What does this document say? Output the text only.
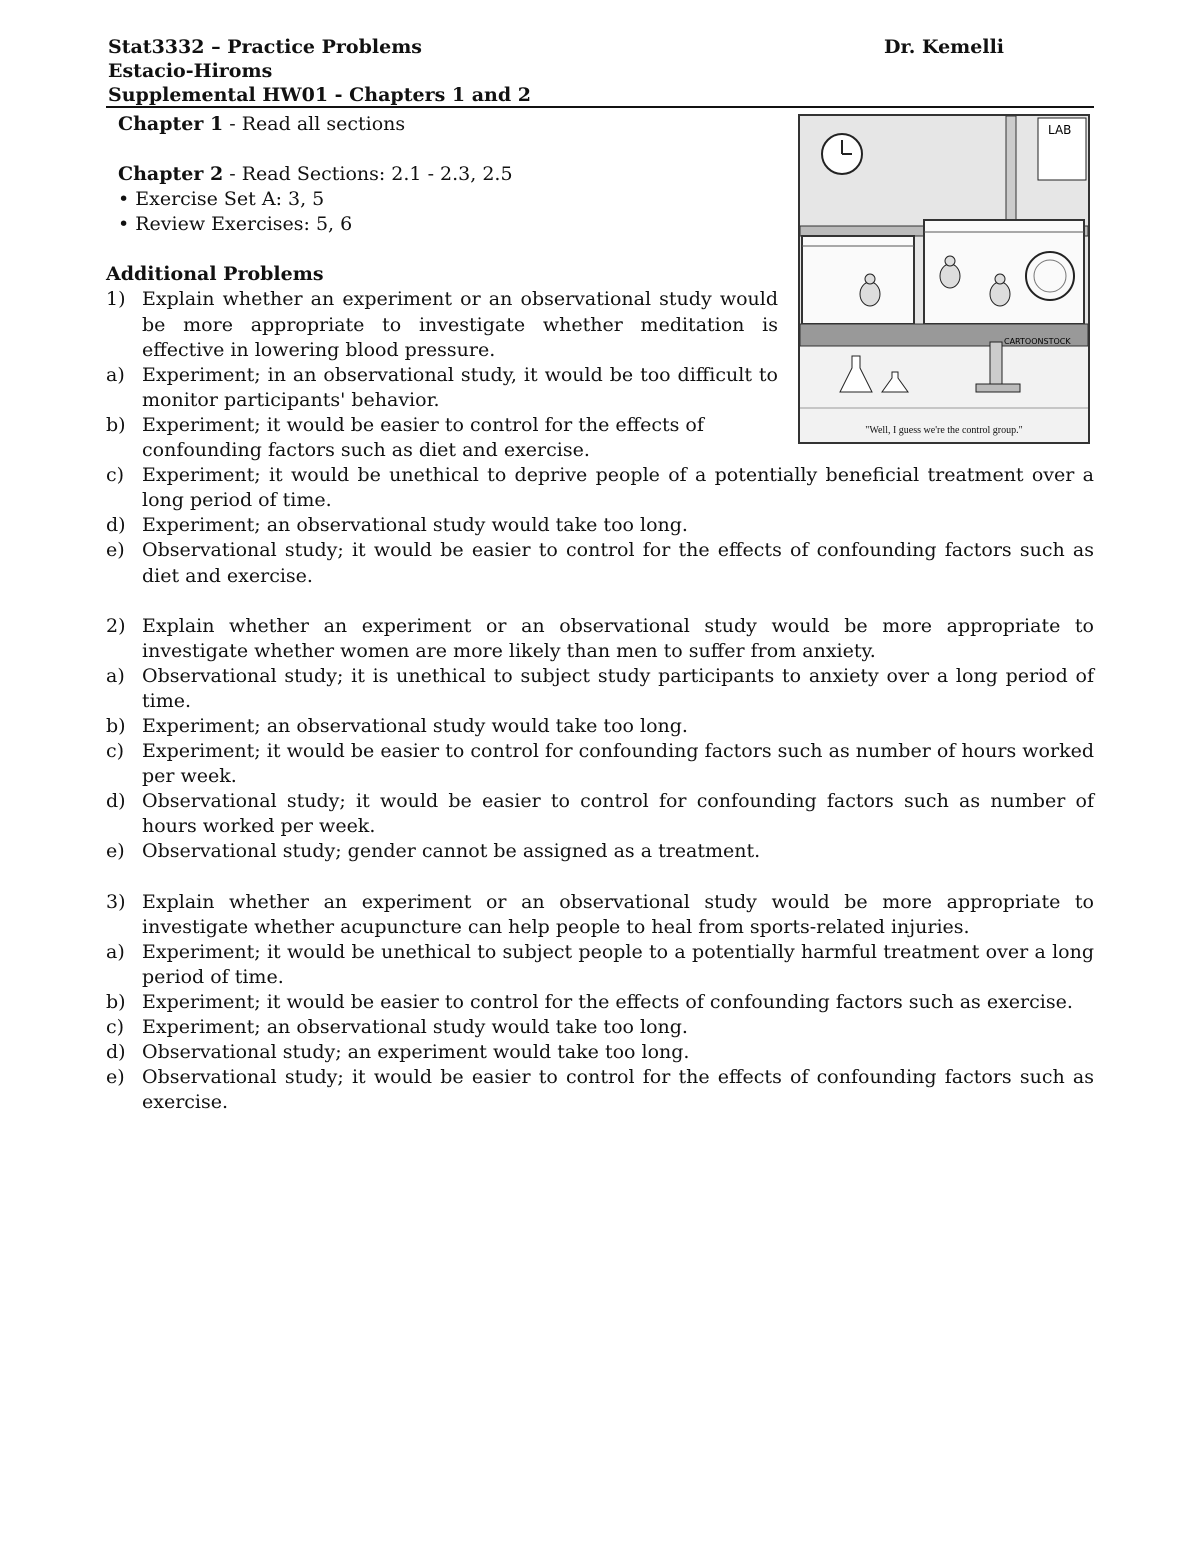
Stat3332 – Practice Problems	Dr. Kemelli
Estacio-Hiroms
Supplemental HW01 - Chapters 1 and 2
LAB
CARTOONSTOCK
"Well, I guess we're the control group."
Chapter 1 - Read all sections
Chapter 2 - Read Sections: 2.1 - 2.3, 2.5
• Exercise Set A: 3, 5
• Review Exercises: 5, 6
Additional Problems
1) Explain whether an experiment or an observational study would be more appropriate to investigate whether meditation is effective in lowering blood pressure.
a) Experiment; in an observational study, it would be too difficult to monitor participants' behavior.
b) Experiment; it would be easier to control for the effects of confounding factors such as diet and exercise.
c) Experiment; it would be unethical to deprive people of a potentially beneficial treatment over a long period of time.
d) Experiment; an observational study would take too long.
e) Observational study; it would be easier to control for the effects of confounding factors such as diet and exercise.
2) Explain whether an experiment or an observational study would be more appropriate to investigate whether women are more likely than men to suffer from anxiety.
a) Observational study; it is unethical to subject study participants to anxiety over a long period of time.
b) Experiment; an observational study would take too long.
c) Experiment; it would be easier to control for confounding factors such as number of hours worked per week.
d) Observational study; it would be easier to control for confounding factors such as number of hours worked per week.
e) Observational study; gender cannot be assigned as a treatment.
3) Explain whether an experiment or an observational study would be more appropriate to investigate whether acupuncture can help people to heal from sports-related injuries.
a) Experiment; it would be unethical to subject people to a potentially harmful treatment over a long period of time.
b) Experiment; it would be easier to control for the effects of confounding factors such as exercise.
c) Experiment; an observational study would take too long.
d) Observational study; an experiment would take too long.
e) Observational study; it would be easier to control for the effects of confounding factors such as exercise.
